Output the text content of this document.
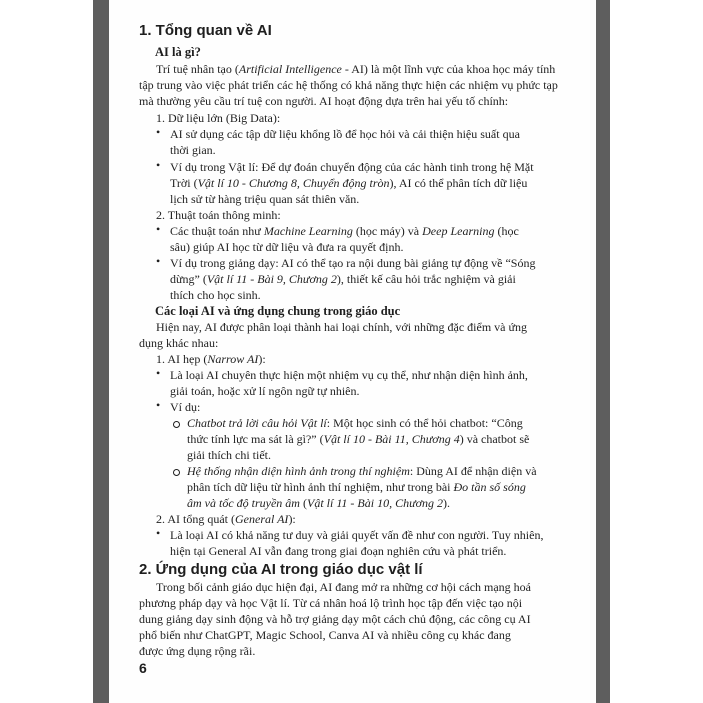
1. Tổng quan về AI
AI là gì?
Trí tuệ nhân tạo (Artificial Intelligence - AI) là một lĩnh vực của khoa học máy tính
tập trung vào việc phát triển các hệ thống có khả năng thực hiện các nhiệm vụ phức tạp
mà thường yêu cầu trí tuệ con người. AI hoạt động dựa trên hai yếu tố chính:
1. Dữ liệu lớn (Big Data):
• AI sử dụng các tập dữ liệu khổng lồ để học hỏi và cải thiện hiệu suất qua
thời gian.
• Ví dụ trong Vật lí: Để dự đoán chuyển động của các hành tinh trong hệ Mặt
Trời (Vật lí 10 - Chương 8, Chuyển động tròn), AI có thể phân tích dữ liệu
lịch sử từ hàng triệu quan sát thiên văn.
2. Thuật toán thông minh:
• Các thuật toán như Machine Learning (học máy) và Deep Learning (học
sâu) giúp AI học từ dữ liệu và đưa ra quyết định.
• Ví dụ trong giảng dạy: AI có thể tạo ra nội dung bài giảng tự động về “Sóng
dừng” (Vật lí 11 - Bài 9, Chương 2), thiết kế câu hỏi trắc nghiệm và giải
thích cho học sinh.
Các loại AI và ứng dụng chung trong giáo dục
Hiện nay, AI được phân loại thành hai loại chính, với những đặc điểm và ứng
dụng khác nhau:
1. AI hẹp (Narrow AI):
• Là loại AI chuyên thực hiện một nhiệm vụ cụ thể, như nhận diện hình ảnh,
giải toán, hoặc xử lí ngôn ngữ tự nhiên.
• Ví dụ:
Chatbot trả lời câu hỏi Vật lí: Một học sinh có thể hỏi chatbot: “Công
thức tính lực ma sát là gì?” (Vật lí 10 - Bài 11, Chương 4) và chatbot sẽ
giải thích chi tiết.
Hệ thống nhận diện hình ảnh trong thí nghiệm: Dùng AI để nhận diện và
phân tích dữ liệu từ hình ảnh thí nghiệm, như trong bài Đo tần số sóng
âm và tốc độ truyền âm (Vật lí 11 - Bài 10, Chương 2).
2. AI tổng quát (General AI):
• Là loại AI có khả năng tư duy và giải quyết vấn đề như con người. Tuy nhiên,
hiện tại General AI vẫn đang trong giai đoạn nghiên cứu và phát triển.
2. Ứng dụng của AI trong giáo dục vật lí
Trong bối cảnh giáo dục hiện đại, AI đang mở ra những cơ hội cách mạng hoá
phương pháp dạy và học Vật lí. Từ cá nhân hoá lộ trình học tập đến việc tạo nội
dung giảng dạy sinh động và hỗ trợ giảng dạy một cách chủ động, các công cụ AI
phổ biến như ChatGPT, Magic School, Canva AI và nhiều công cụ khác đang
được ứng dụng rộng rãi.
6
